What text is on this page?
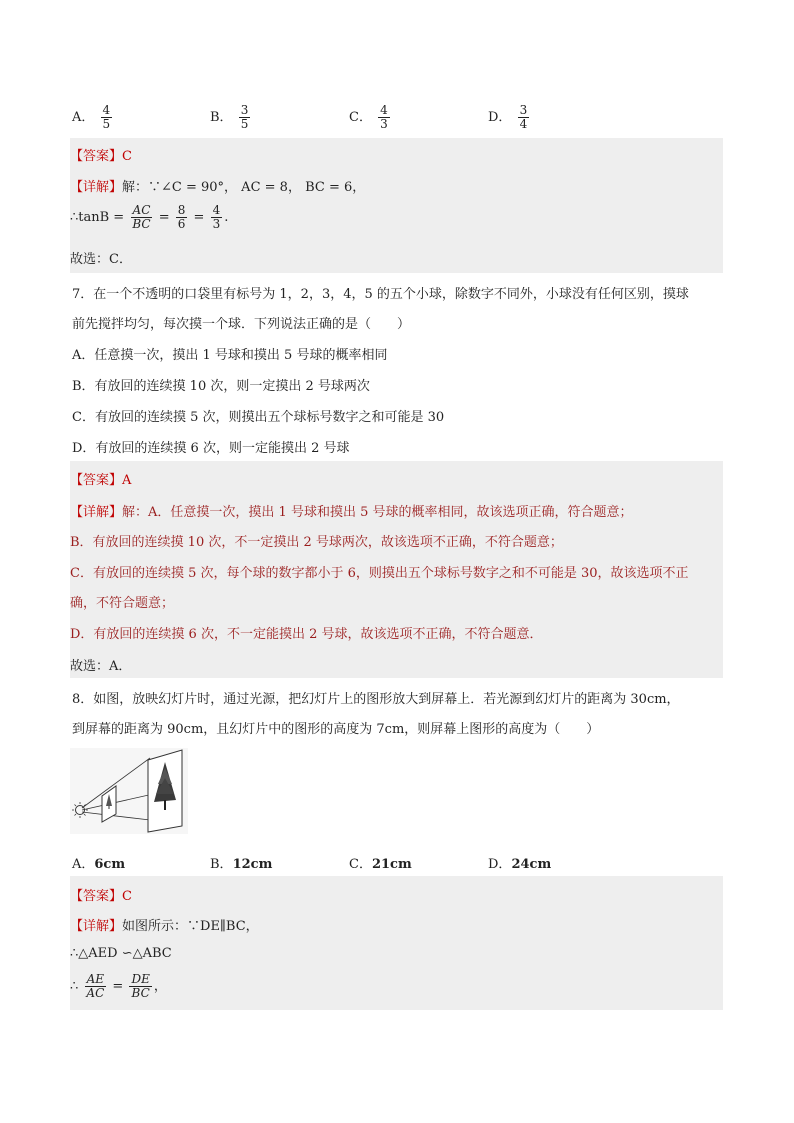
A． $\frac{4}{5}$	B． $\frac{3}{5}$	C． $\frac{4}{3}$	D． $\frac{3}{4}$
【答案】C
【详解】解：∵∠C = 90°， AC = 8， BC = 6，
∴tanB = $\frac{AC}{BC} = \frac{8}{6} = \frac{4}{3}$ .
故选：C．
7．在一个不透明的口袋里有标号为 1，2，3，4，5 的五个小球，除数字不同外，小球没有任何区别，摸球
前先搅拌均匀，每次摸一个球．下列说法正确的是（　　）
A．任意摸一次，摸出 1 号球和摸出 5 号球的概率相同
B．有放回的连续摸 10 次，则一定摸出 2 号球两次
C．有放回的连续摸 5 次，则摸出五个球标号数字之和可能是 30
D．有放回的连续摸 6 次，则一定能摸出 2 号球
【答案】A
【详解】解：A．任意摸一次，摸出 1 号球和摸出 5 号球的概率相同，故该选项正确，符合题意；
B．有放回的连续摸 10 次，不一定摸出 2 号球两次，故该选项不正确，不符合题意；
C．有放回的连续摸 5 次，每个球的数字都小于 6，则摸出五个球标号数字之和不可能是 30，故该选项不正
确，不符合题意；
D．有放回的连续摸 6 次，不一定能摸出 2 号球，故该选项不正确，不符合题意．
故选：A．
8．如图，放映幻灯片时，通过光源，把幻灯片上的图形放大到屏幕上．若光源到幻灯片的距离为 30cm，
到屏幕的距离为 90cm，且幻灯片中的图形的高度为 7cm，则屏幕上图形的高度为（　　）
A．6cm	B．12cm	C．21cm	D．24cm
【答案】C
【详解】如图所示：∵DE∥BC，
∴△AED ∽△ABC
∴ $\frac{AE}{AC} = \frac{DE}{BC}$ ，
